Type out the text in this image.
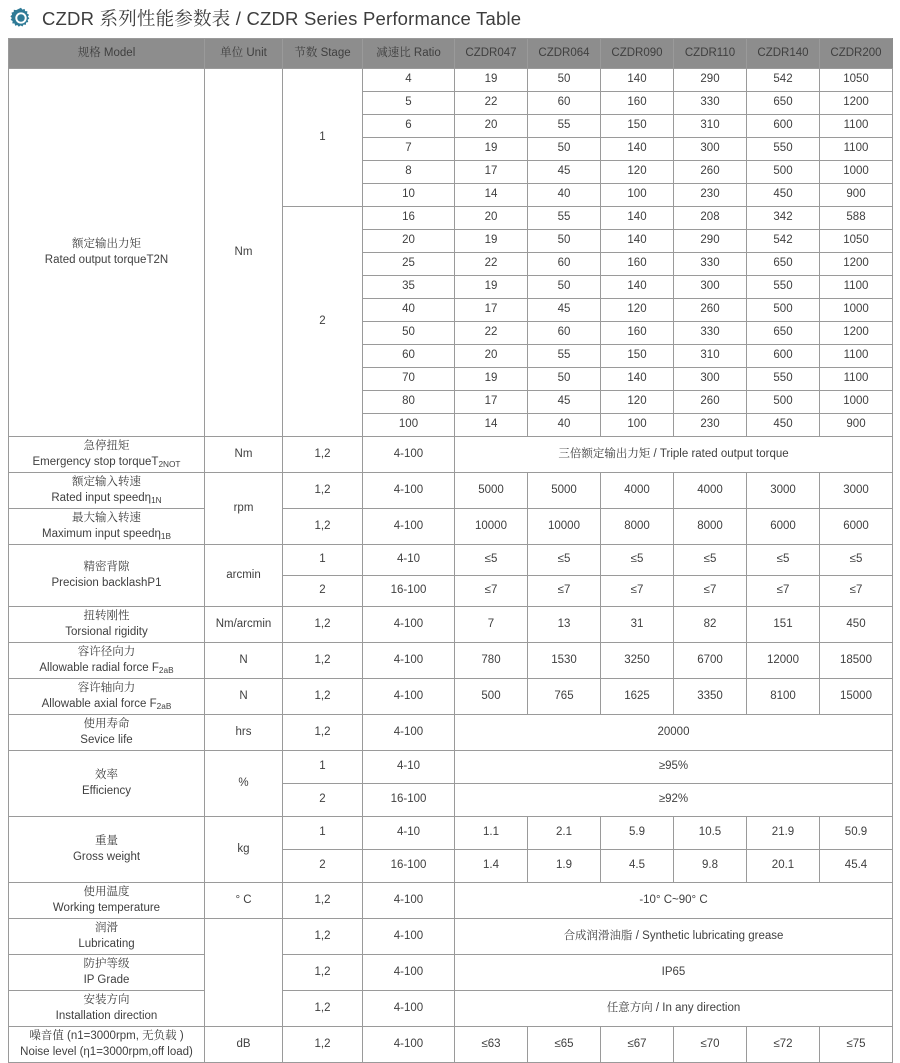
CZDR 系列性能参数表 / CZDR Series Performance Table
规格 Model	单位 Unit	节数 Stage	减速比 Ratio	CZDR047	CZDR064	CZDR090	CZDR110	CZDR140	CZDR200

额定输出力矩
Rated output torqueT2N	Nm	1	4	19	50	140	290	542	1050
			5	22	60	160	330	650	1200
			6	20	55	150	310	600	1100
			7	19	50	140	300	550	1100
			8	17	45	120	260	500	1000
			10	14	40	100	230	450	900
		2	16	20	55	140	208	342	588
			20	19	50	140	290	542	1050
			25	22	60	160	330	650	1200
			35	19	50	140	300	550	1100
			40	17	45	120	260	500	1000
			50	22	60	160	330	650	1200
			60	20	55	150	310	600	1100
			70	19	50	140	300	550	1100
			80	17	45	120	260	500	1000
			100	14	40	100	230	450	900

急停扭矩
Emergency stop torqueT$_{2NOT}$	Nm	1,2	4-100	三倍额定输出力矩 / Triple rated output torque					

额定输入转速
Rated input speedη$_{1N}$	rpm	1,2	4-100	5000	5000	4000	4000	3000	3000

最大输入转速
Maximum input speedη$_{1B}$		1,2	4-100	10000	10000	8000	8000	6000	6000

精密背隙
Precision backlashP1	arcmin	1	4-10	≤5	≤5	≤5	≤5	≤5	≤5
		2	16-100	≤7	≤7	≤7	≤7	≤7	≤7

扭转刚性
Torsional rigidity	Nm/arcmin	1,2	4-100	7	13	31	82	151	450

容许径向力
Allowable radial force $F_{2aB}$	N	1,2	4-100	780	1530	3250	6700	12000	18500

容许轴向力
Allowable axial force $F_{2aB}$	N	1,2	4-100	500	765	1625	3350	8100	15000

使用寿命
Sevice life	hrs	1,2	4-100	20000					

效率
Efficiency	%	1	4-10	≥95%					
		2	16-100	≥92%					

重量
Gross weight	kg	1	4-10	1.1	2.1	5.9	10.5	21.9	50.9
		2	16-100	1.4	1.9	4.5	9.8	20.1	45.4

使用温度
Working temperature	° C	1,2	4-100	-10° C~90° C					

润滑
Lubricating		1,2	4-100	合成润滑油脂 / Synthetic lubricating grease					

防护等级
IP Grade		1,2	4-100	IP65					

安装方向
Installation direction		1,2	4-100	任意方向 / In any direction					

噪音值 (n1=3000rpm, 无负载 )
Noise level (η1=3000rpm,off load)	dB	1,2	4-100	≤63	≤65	≤67	≤70	≤72	≤75
